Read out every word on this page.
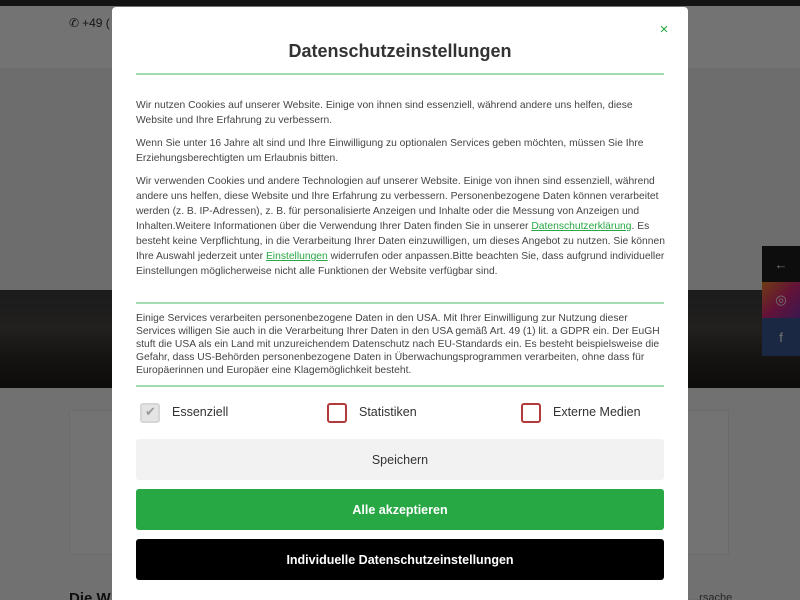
×
Datenschutzeinstellungen

Wir nutzen Cookies auf unserer Website. Einige von ihnen sind essenziell, während andere uns helfen, diese Website und Ihre Erfahrung zu verbessern.

Wenn Sie unter 16 Jahre alt sind und Ihre Einwilligung zu optionalen Services geben möchten, müssen Sie Ihre Erziehungsberechtigten um Erlaubnis bitten.

Wir verwenden Cookies und andere Technologien auf unserer Website. Einige von ihnen sind essenziell, während andere uns helfen, diese Website und Ihre Erfahrung zu verbessern. Personenbezogene Daten können verarbeitet werden (z. B. IP-Adressen), z. B. für personalisierte Anzeigen und Inhalte oder die Messung von Anzeigen und Inhalten.Weitere Informationen über die Verwendung Ihrer Daten finden Sie in unserer Datenschutzerklärung. Es besteht keine Verpflichtung, in die Verarbeitung Ihrer Daten einzuwilligen, um dieses Angebot zu nutzen. Sie können Ihre Auswahl jederzeit unter Einstellungen widerrufen oder anpassen.Bitte beachten Sie, dass aufgrund individueller Einstellungen möglicherweise nicht alle Funktionen der Website verfügbar sind.

Einige Services verarbeiten personenbezogene Daten in den USA. Mit Ihrer Einwilligung zur Nutzung dieser Services willigen Sie auch in die Verarbeitung Ihrer Daten in den USA gemäß Art. 49 (1) lit. a GDPR ein. Der EuGH stuft die USA als ein Land mit unzureichendem Datenschutz nach EU-Standards ein. Es besteht beispielsweise die Gefahr, dass US-Behörden personenbezogene Daten in Überwachungsprogrammen verarbeiten, ohne dass für Europäerinnen und Europäer eine Klagemöglichkeit besteht.

✔ Essenziell	Statistiken	Externe Medien
Speichern
Alle akzeptieren
Individuelle Datenschutzeinstellungen
